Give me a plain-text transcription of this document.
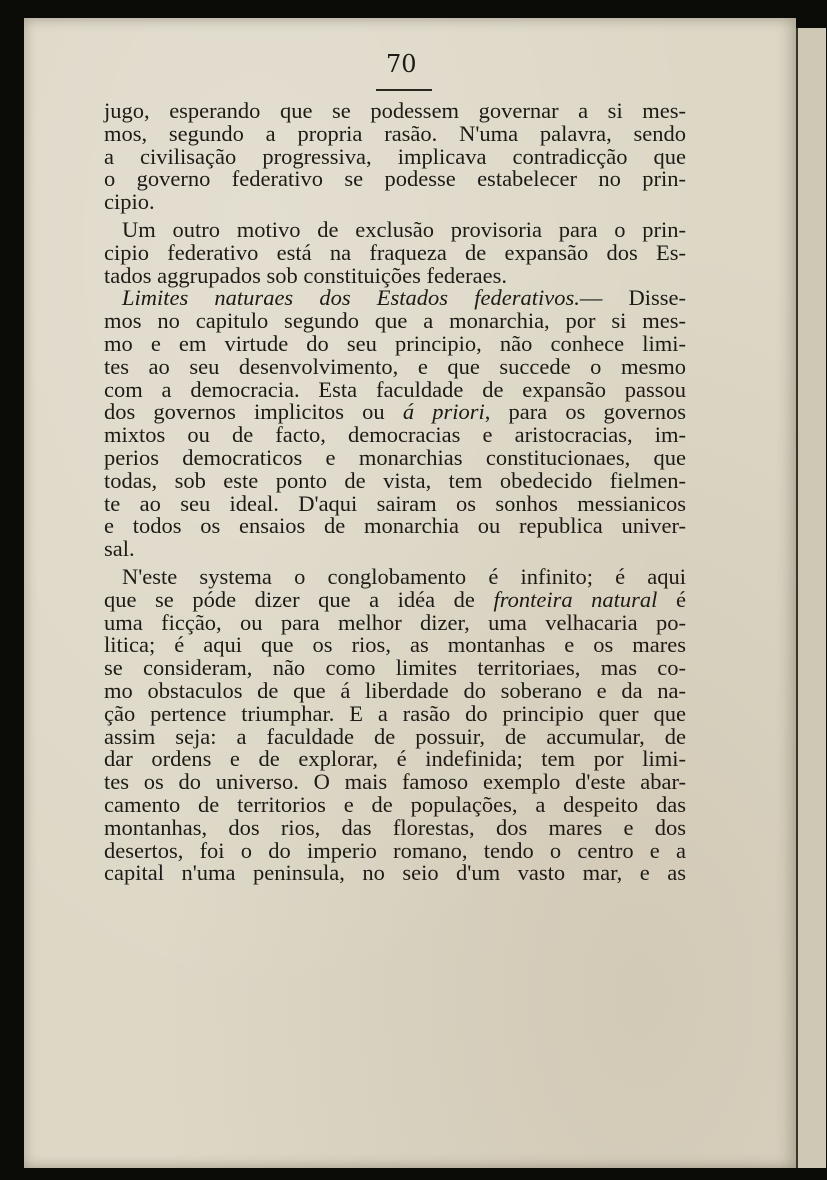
70
jugo, esperando que se podessem governar a si mes-
mos, segundo a propria rasão. N'uma palavra, sendo
a civilisação progressiva, implicava contradicção que
o governo federativo se podesse estabelecer no prin-
cipio.
Um outro motivo de exclusão provisoria para o prin-
cipio federativo está na fraqueza de expansão dos Es-
tados aggrupados sob constituições federaes.
Limites naturaes dos Estados federativos.— Disse-
mos no capitulo segundo que a monarchia, por si mes-
mo e em virtude do seu principio, não conhece limi-
tes ao seu desenvolvimento, e que succede o mesmo
com a democracia. Esta faculdade de expansão passou
dos governos implicitos ou á priori, para os governos
mixtos ou de facto, democracias e aristocracias, im-
perios democraticos e monarchias constitucionaes, que
todas, sob este ponto de vista, tem obedecido fielmen-
te ao seu ideal. D'aqui sairam os sonhos messianicos
e todos os ensaios de monarchia ou republica univer-
sal.
N'este systema o conglobamento é infinito; é aqui
que se póde dizer que a idéa de fronteira natural é
uma ficção, ou para melhor dizer, uma velhacaria po-
litica; é aqui que os rios, as montanhas e os mares
se consideram, não como limites territoriaes, mas co-
mo obstaculos de que á liberdade do soberano e da na-
ção pertence triumphar. E a rasão do principio quer que
assim seja: a faculdade de possuir, de accumular, de
dar ordens e de explorar, é indefinida; tem por limi-
tes os do universo. O mais famoso exemplo d'este abar-
camento de territorios e de populações, a despeito das
montanhas, dos rios, das florestas, dos mares e dos
desertos, foi o do imperio romano, tendo o centro e a
capital n'uma peninsula, no seio d'um vasto mar, e as
